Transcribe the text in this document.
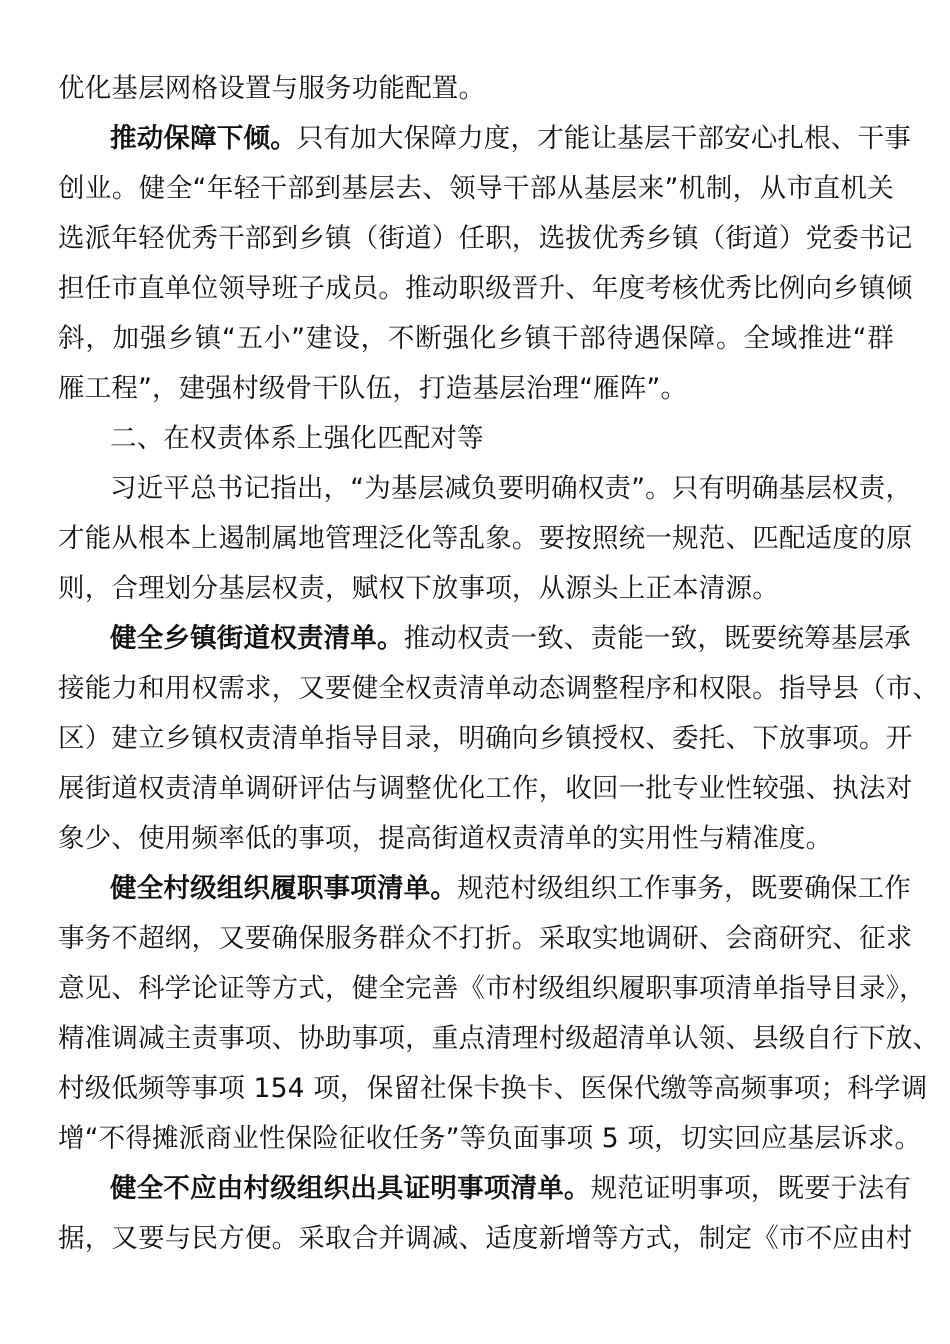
优化基层网格设置与服务功能配置。
推动保障下倾。只有加大保障力度，才能让基层干部安心扎根、干事
创业。健全“年轻干部到基层去、领导干部从基层来”机制，从市直机关
选派年轻优秀干部到乡镇（街道）任职，选拔优秀乡镇（街道）党委书记
担任市直单位领导班子成员。推动职级晋升、年度考核优秀比例向乡镇倾
斜，加强乡镇“五小”建设，不断强化乡镇干部待遇保障。全域推进“群
雁工程”，建强村级骨干队伍，打造基层治理“雁阵”。
二、在权责体系上强化匹配对等
习近平总书记指出，“为基层减负要明确权责”。只有明确基层权责，
才能从根本上遏制属地管理泛化等乱象。要按照统一规范、匹配适度的原
则，合理划分基层权责，赋权下放事项，从源头上正本清源。
健全乡镇街道权责清单。推动权责一致、责能一致，既要统筹基层承
接能力和用权需求，又要健全权责清单动态调整程序和权限。指导县（市、
区）建立乡镇权责清单指导目录，明确向乡镇授权、委托、下放事项。开
展街道权责清单调研评估与调整优化工作，收回一批专业性较强、执法对
象少、使用频率低的事项，提高街道权责清单的实用性与精准度。
健全村级组织履职事项清单。规范村级组织工作事务，既要确保工作
事务不超纲，又要确保服务群众不打折。采取实地调研、会商研究、征求
意见、科学论证等方式，健全完善《市村级组织履职事项清单指导目录》，
精准调减主责事项、协助事项，重点清理村级超清单认领、县级自行下放、
村级低频等事项 154 项，保留社保卡换卡、医保代缴等高频事项；科学调
增“不得摊派商业性保险征收任务”等负面事项 5 项，切实回应基层诉求。
健全不应由村级组织出具证明事项清单。规范证明事项，既要于法有
据，又要与民方便。采取合并调减、适度新增等方式，制定《市不应由村
